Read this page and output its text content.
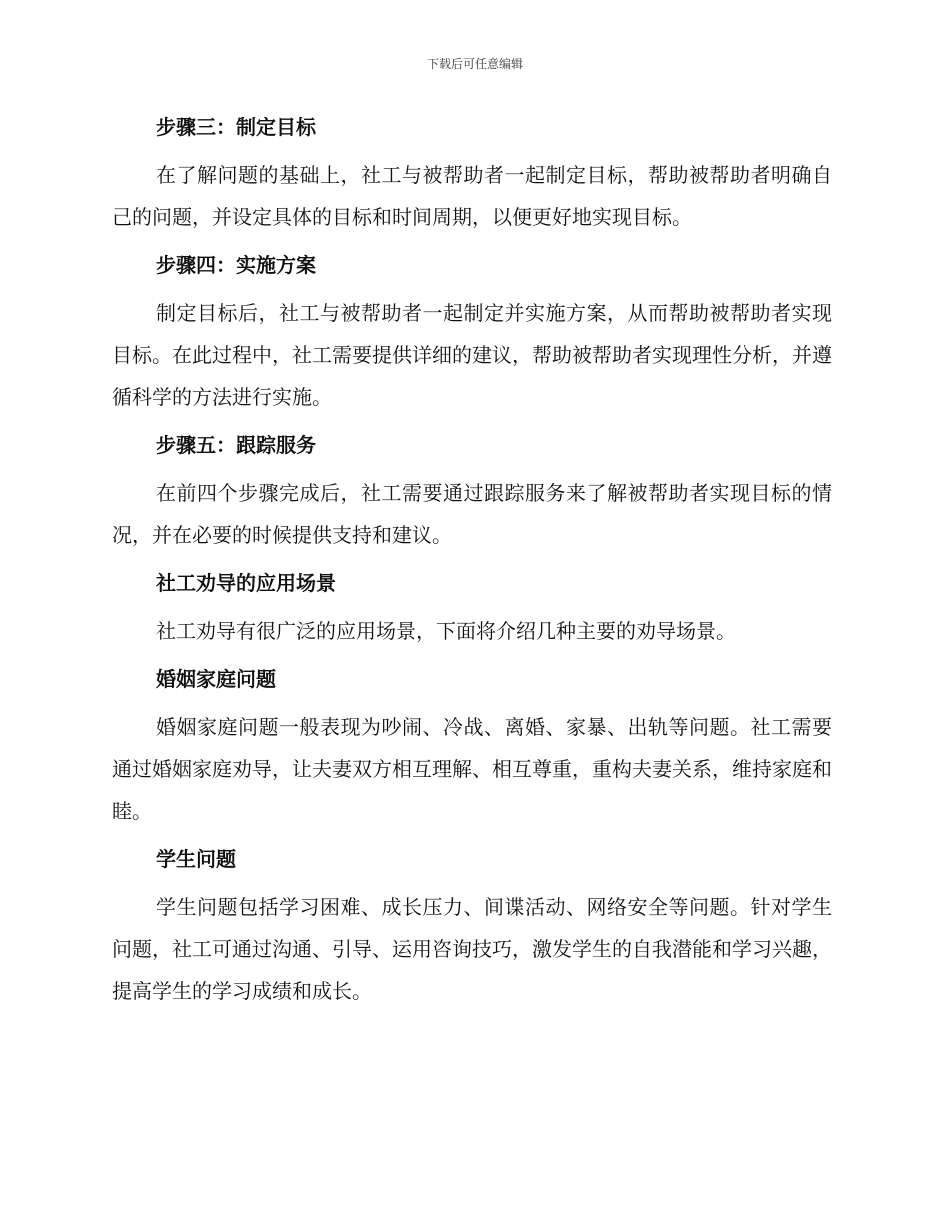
下载后可任意编辑
步骤三：制定目标
在了解问题的基础上，社工与被帮助者一起制定目标，帮助被帮助者明确自己的问题，并设定具体的目标和时间周期，以便更好地实现目标。
步骤四：实施方案
制定目标后，社工与被帮助者一起制定并实施方案，从而帮助被帮助者实现目标。在此过程中，社工需要提供详细的建议，帮助被帮助者实现理性分析，并遵循科学的方法进行实施。
步骤五：跟踪服务
在前四个步骤完成后，社工需要通过跟踪服务来了解被帮助者实现目标的情况，并在必要的时候提供支持和建议。
社工劝导的应用场景
社工劝导有很广泛的应用场景，下面将介绍几种主要的劝导场景。
婚姻家庭问题
婚姻家庭问题一般表现为吵闹、冷战、离婚、家暴、出轨等问题。社工需要通过婚姻家庭劝导，让夫妻双方相互理解、相互尊重，重构夫妻关系，维持家庭和睦。
学生问题
学生问题包括学习困难、成长压力、间谍活动、网络安全等问题。针对学生问题，社工可通过沟通、引导、运用咨询技巧，激发学生的自我潜能和学习兴趣，提高学生的学习成绩和成长。
